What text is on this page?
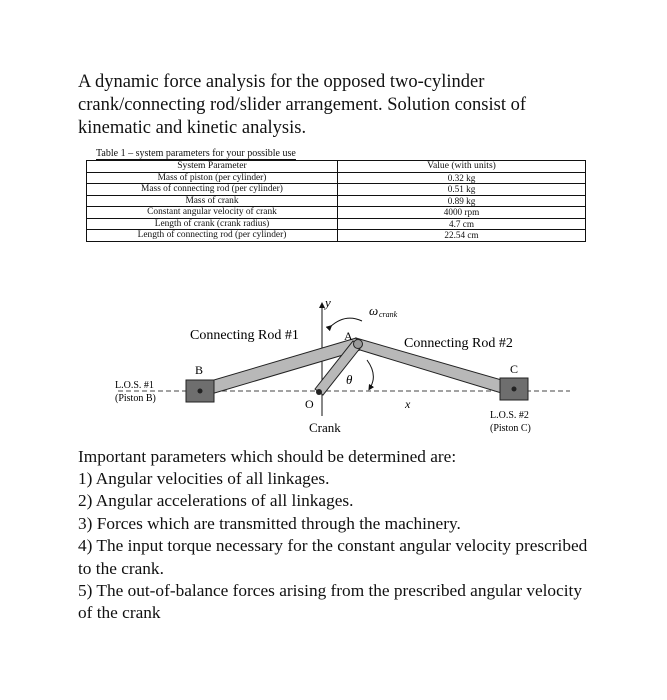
A dynamic force analysis for the opposed two-cylinder crank/connecting rod/slider arrangement. Solution consist of kinematic and kinetic analysis.

Table 1 – system parameters for your possible use

System Parameter	Value (with units)
Mass of piston (per cylinder)	0.32 kg
Mass of connecting rod (per cylinder)	0.51 kg
Mass of crank	0.89 kg
Constant angular velocity of crank	4000 rpm
Length of crank (crank radius)	4.7 cm
Length of connecting rod (per cylinder)	22.54 cm
y
x
ω crank
θ
Connecting Rod #1
Connecting Rod #2
A
B	C
O
Crank
L.O.S. #1
(Piston B)
L.O.S. #2
(Piston C)

Important parameters which should be determined are:

1) Angular velocities of all linkages.
2) Angular accelerations of all linkages.
3) Forces which are transmitted through the machinery.
4) The input torque necessary for the constant angular velocity prescribed to the crank.
5) The out-of-balance forces arising from the prescribed angular velocity of the crank
